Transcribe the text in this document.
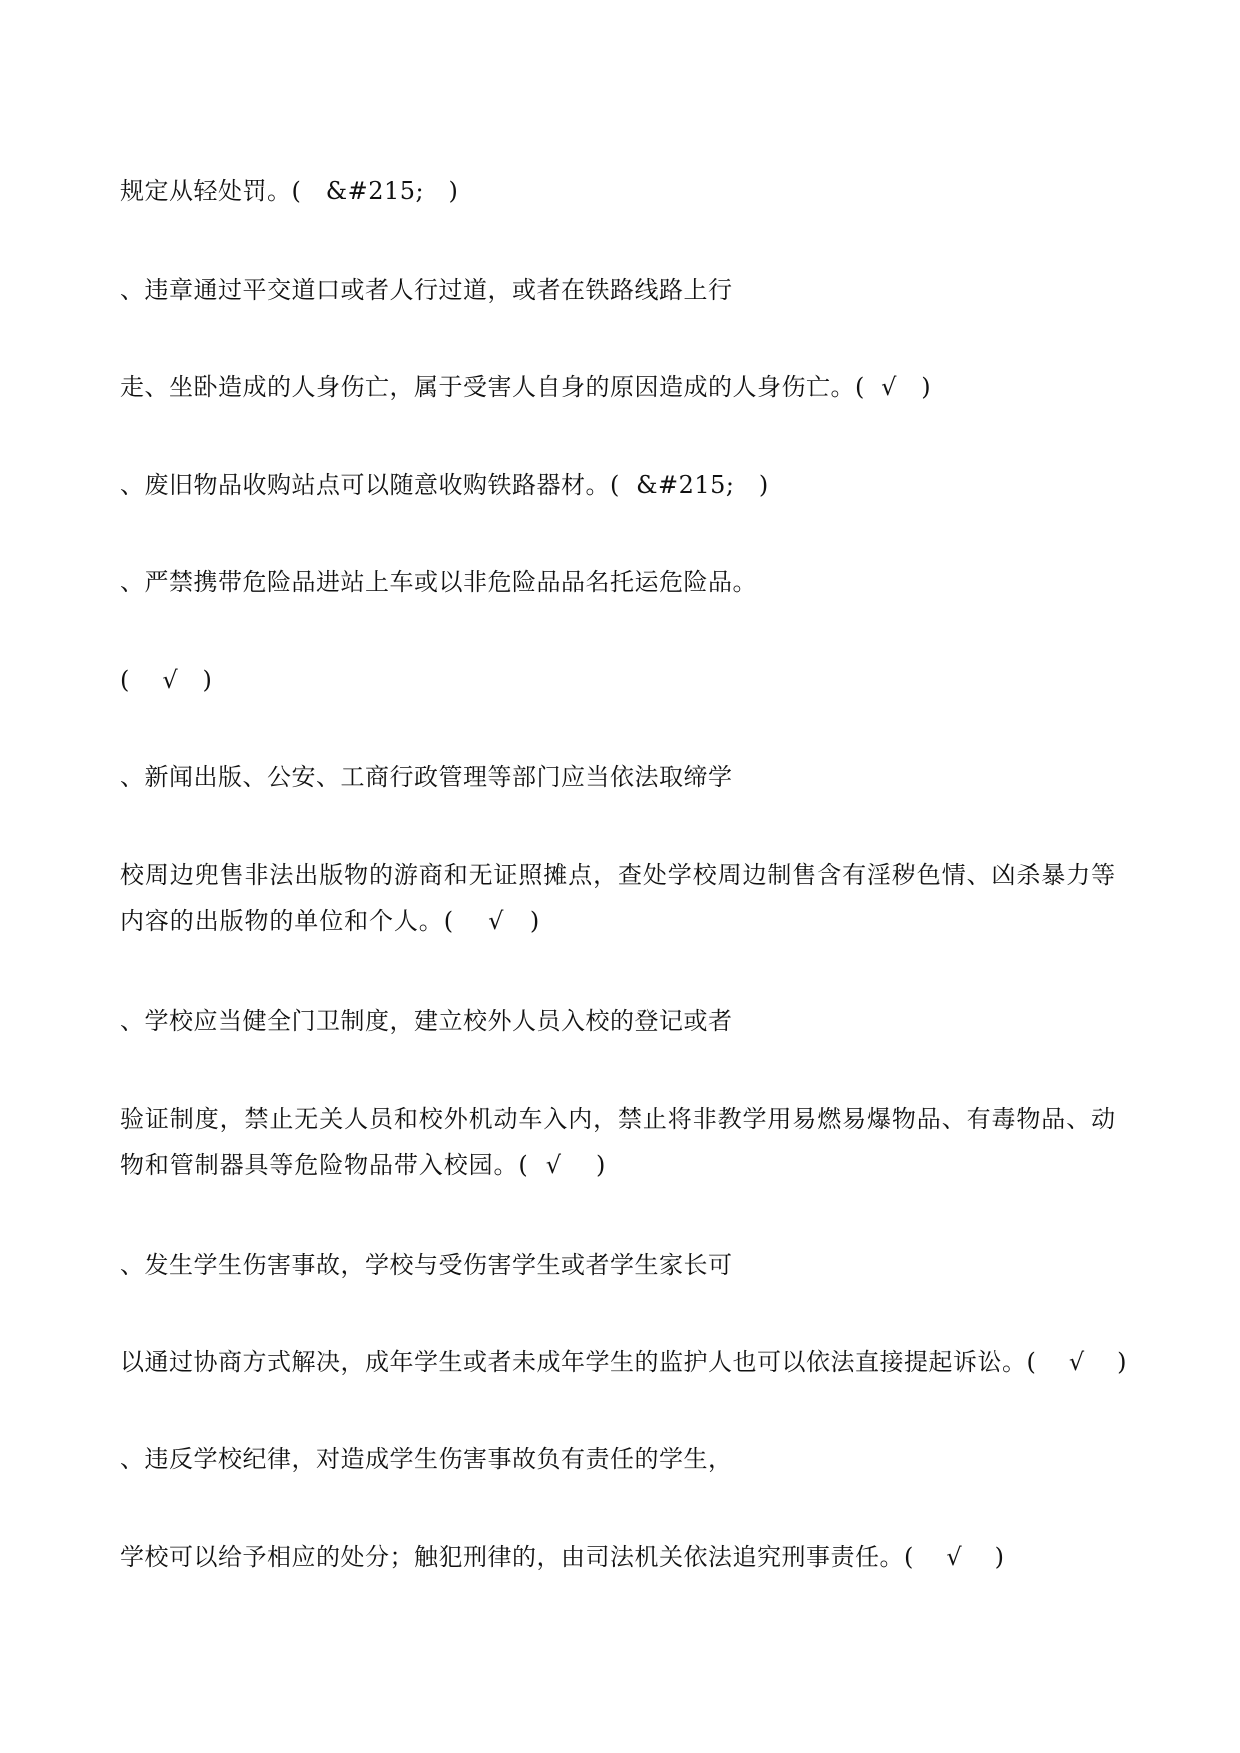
规定从轻处罚。(   &#215;   )
、违章通过平交道口或者人行过道，或者在铁路线路上行
走、坐卧造成的人身伤亡，属于受害人自身的原因造成的人身伤亡。(  √   )
、废旧物品收购站点可以随意收购铁路器材。(  &#215;   )
、严禁携带危险品进站上车或以非危险品品名托运危险品。
(    √   )
、新闻出版、公安、工商行政管理等部门应当依法取缔学
校周边兜售非法出版物的游商和无证照摊点，查处学校周边制售含有淫秽色情、凶杀暴力等内容的出版物的单位和个人。(    √   )
、学校应当健全门卫制度，建立校外人员入校的登记或者
验证制度，禁止无关人员和校外机动车入内，禁止将非教学用易燃易爆物品、有毒物品、动物和管制器具等危险物品带入校园。(  √    )
、发生学生伤害事故，学校与受伤害学生或者学生家长可
以通过协商方式解决，成年学生或者未成年学生的监护人也可以依法直接提起诉讼。(    √    )
、违反学校纪律，对造成学生伤害事故负有责任的学生，
学校可以给予相应的处分；触犯刑律的，由司法机关依法追究刑事责任。(    √    )
